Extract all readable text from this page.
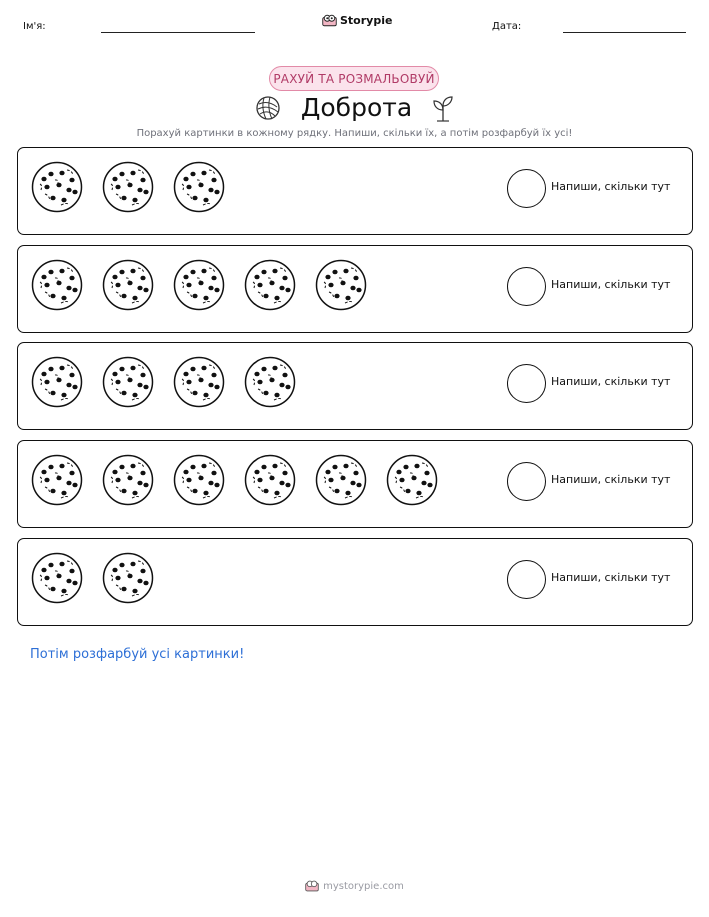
Ім'я:	Storypie	Дата:
РАХУЙ ТА РОЗМАЛЬОВУЙ
Доброта
Порахуй картинки в кожному рядку. Напиши, скільки їх, а потім розфарбуй їх усі!
Напиши, скільки тут
Напиши, скільки тут
Напиши, скільки тут
Напиши, скільки тут
Напиши, скільки тут
Потім розфарбуй усі картинки!
mystorypie.com
